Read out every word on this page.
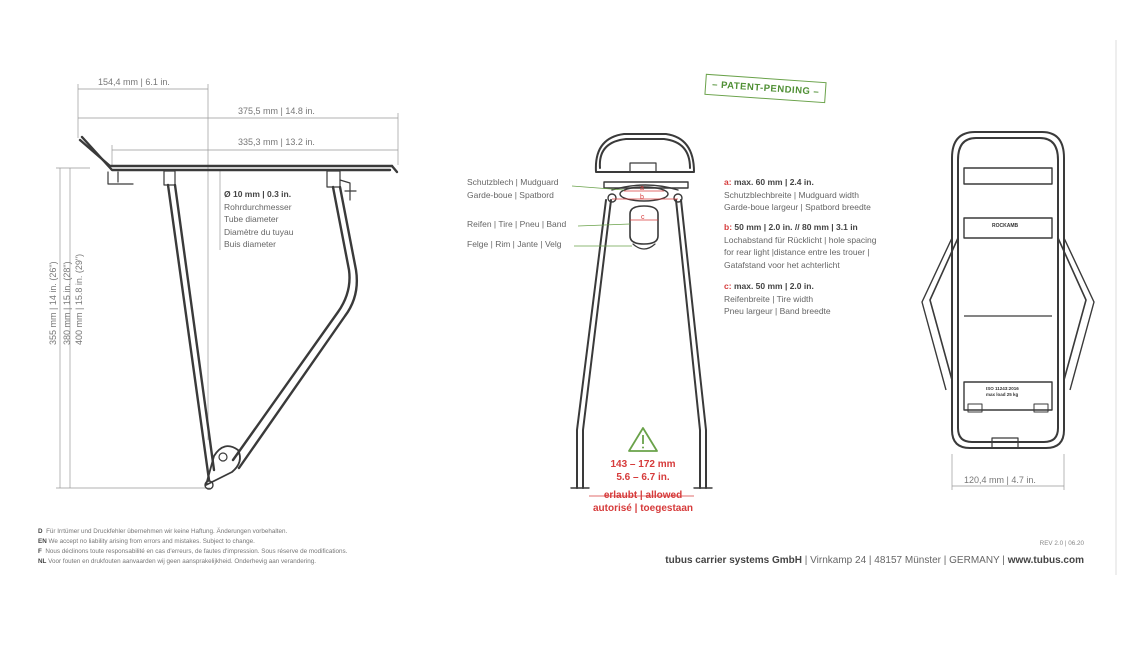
154,4 mm | 6.1 in.
375,5 mm | 14.8 in.
335,3 mm | 13.2 in.
Ø 10 mm | 0.3 in.
Rohrdurchmesser
Tube diameter
Diamètre du tuyau
Buis diameter
355 mm | 14 in. (26") 380 mm | 15 in. (28") 400 mm | 15.8 in. (29")
– PATENT-PENDING –
Schutzblech | Mudguard
Garde-boue | Spatbord
Reifen | Tire | Pneu | Band
Felge | Rim | Jante | Velg
a
b
c
143 – 172 mm
5.6 – 6.7 in.
erlaubt | allowed
autorisé | toegestaan
a: max. 60 mm | 2.4 in.
Schutzblechbreite | Mudguard width
Garde-boue largeur | Spatbord breedte
b: 50 mm | 2.0 in. // 80 mm | 3.1 in
Lochabstand für Rücklicht | hole spacing
for rear light |distance entre les trouer |
Gatafstand voor het achterlicht
c: max. 50 mm | 2.0 in.
Reifenbreite | Tire width
Pneu largeur | Band breedte
ROCKAMB
ISO 11243:2016
max load 25 kg
120,4 mm | 4.7 in.
D Für Irrtümer und Druckfehler übernehmen wir keine Haftung. Änderungen vorbehalten.
EN We accept no liability arising from errors and mistakes. Subject to change.
F Nous déclinons toute responsabilité en cas d'erreurs, de fautes d'impression. Sous réserve de modifications.
NL Voor fouten en drukfouten aanvaarden wij geen aansprakelijkheid. Onderhevig aan verandering.
REV 2.0 | 06.20
tubus carrier systems GmbH | Virnkamp 24 | 48157 Münster | GERMANY | www.tubus.com
